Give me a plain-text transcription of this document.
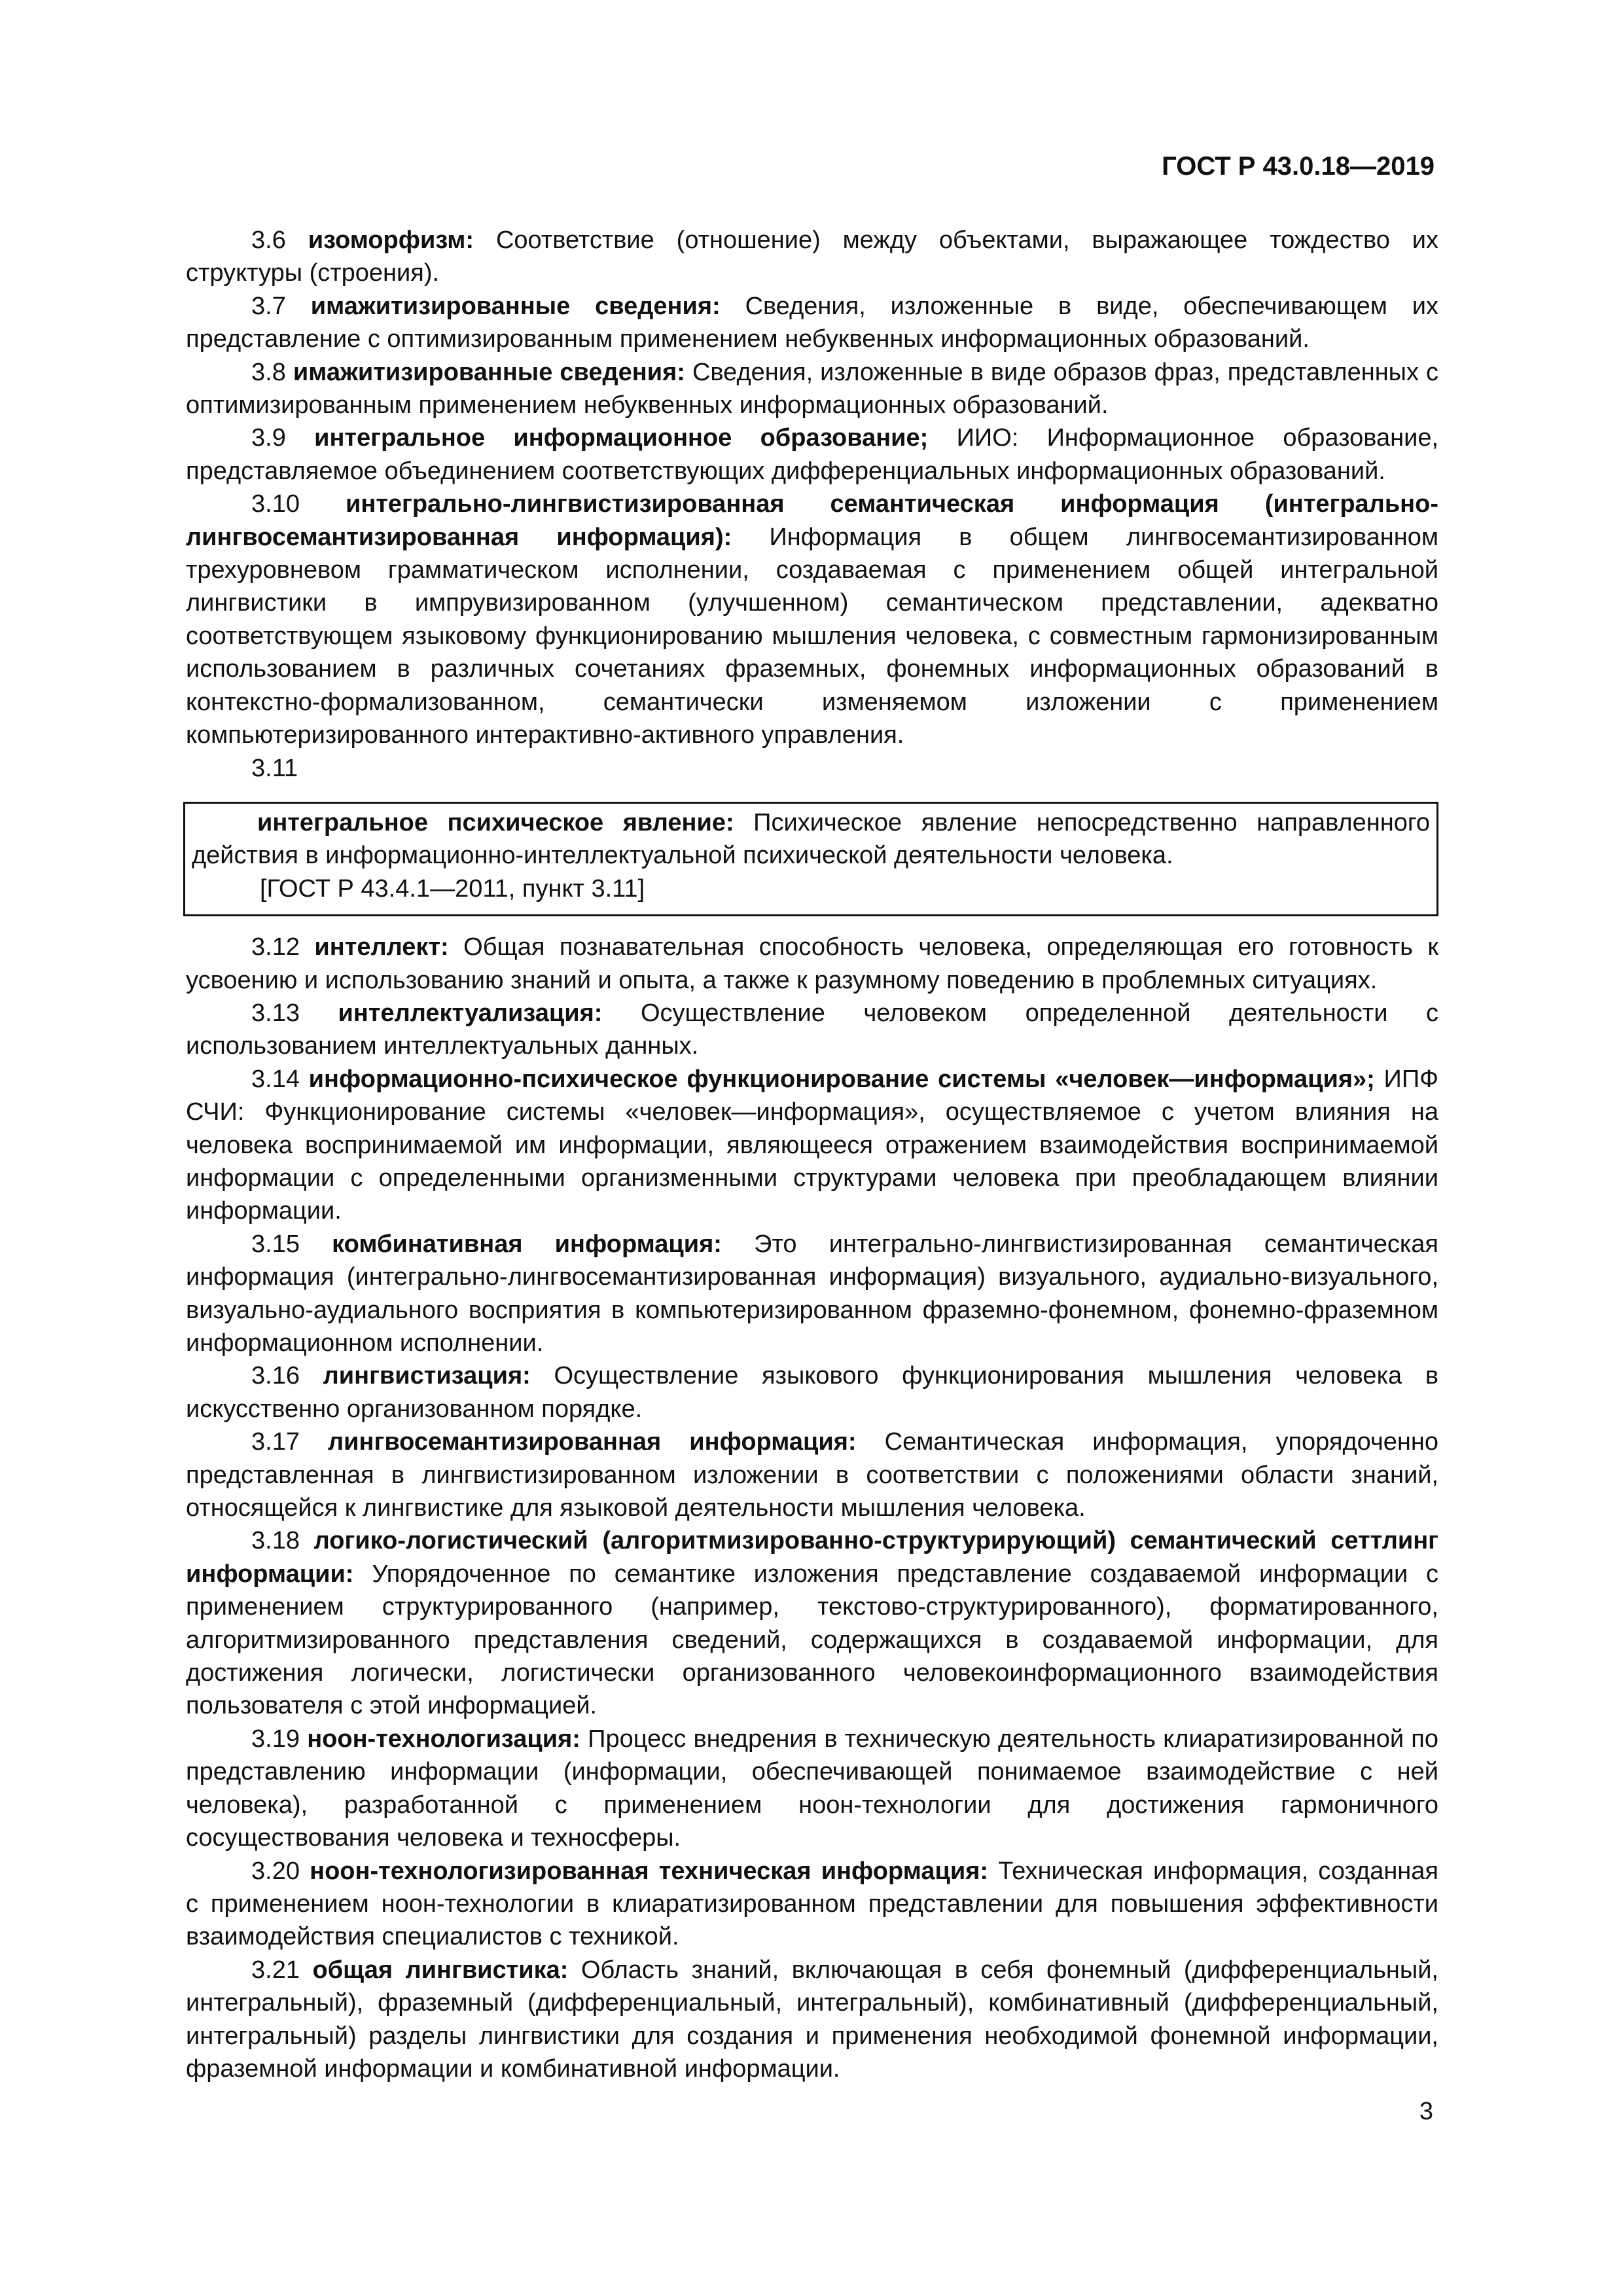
ГОСТ Р 43.0.18—2019

3.6 изоморфизм: Соответствие (отношение) между объектами, выражающее тождество их структуры (строения).

3.7 имажитизированные сведения: Сведения, изложенные в виде, обеспечивающем их представление с оптимизированным применением небуквенных информационных образований.

3.8 имажитизированные сведения: Сведения, изложенные в виде образов фраз, представленных с оптимизированным применением небуквенных информационных образований.

3.9 интегральное информационное образование; ИИО: Информационное образование, представляемое объединением соответствующих дифференциальных информационных образований.

3.10 интегрально-лингвистизированная семантическая информация (интегрально-лингвосемантизированная информация): Информация в общем лингвосемантизированном трехуровневом грамматическом исполнении, создаваемая с применением общей интегральной лингвистики в импрувизированном (улучшенном) семантическом представлении, адекватно соответствующем языковому функционированию мышления человека, с совместным гармонизированным использованием в различных сочетаниях фраземных, фонемных информационных образований в контекстно-формализованном, семантически изменяемом изложении с применением компьютеризированного интерактивно-активного управления.

3.11

интегральное психическое явление: Психическое явление непосредственно направленного действия в информационно-интеллектуальной психической деятельности человека.

[ГОСТ Р 43.4.1—2011, пункт 3.11]

3.12 интеллект: Общая познавательная способность человека, определяющая его готовность к усвоению и использованию знаний и опыта, а также к разумному поведению в проблемных ситуациях.

3.13 интеллектуализация: Осуществление человеком определенной деятельности с использованием интеллектуальных данных.

3.14 информационно-психическое функционирование системы «человек—информация»; ИПФ СЧИ: Функционирование системы «человек—информация», осуществляемое с учетом влияния на человека воспринимаемой им информации, являющееся отражением взаимодействия воспринимаемой информации с определенными организменными структурами человека при преобладающем влиянии информации.

3.15 комбинативная информация: Это интегрально-лингвистизированная семантическая информация (интегрально-лингвосемантизированная информация) визуального, аудиально-визуального, визуально-аудиального восприятия в компьютеризированном фраземно-фонемном, фонемно-фраземном информационном исполнении.

3.16 лингвистизация: Осуществление языкового функционирования мышления человека в искусственно организованном порядке.

3.17 лингвосемантизированная информация: Семантическая информация, упорядоченно представленная в лингвистизированном изложении в соответствии с положениями области знаний, относящейся к лингвистике для языковой деятельности мышления человека.

3.18 логико-логистический (алгоритмизированно-структурирующий) семантический сеттлинг информации: Упорядоченное по семантике изложения представление создаваемой информации с применением структурированного (например, текстово-структурированного), форматированного, алгоритмизированного представления сведений, содержащихся в создаваемой информации, для достижения логически, логистически организованного человекоинформационного взаимодействия пользователя с этой информацией.

3.19 ноон-технологизация: Процесс внедрения в техническую деятельность клиаратизированной по представлению информации (информации, обеспечивающей понимаемое взаимодействие с ней человека), разработанной с применением ноон-технологии для достижения гармоничного сосуществования человека и техносферы.

3.20 ноон-технологизированная техническая информация: Техническая информация, созданная с применением ноон-технологии в клиаратизированном представлении для повышения эффективности взаимодействия специалистов с техникой.

3.21 общая лингвистика: Область знаний, включающая в себя фонемный (дифференциальный, интегральный), фраземный (дифференциальный, интегральный), комбинативный (дифференциальный, интегральный) разделы лингвистики для создания и применения необходимой фонемной информации, фраземной информации и комбинативной информации.

3
